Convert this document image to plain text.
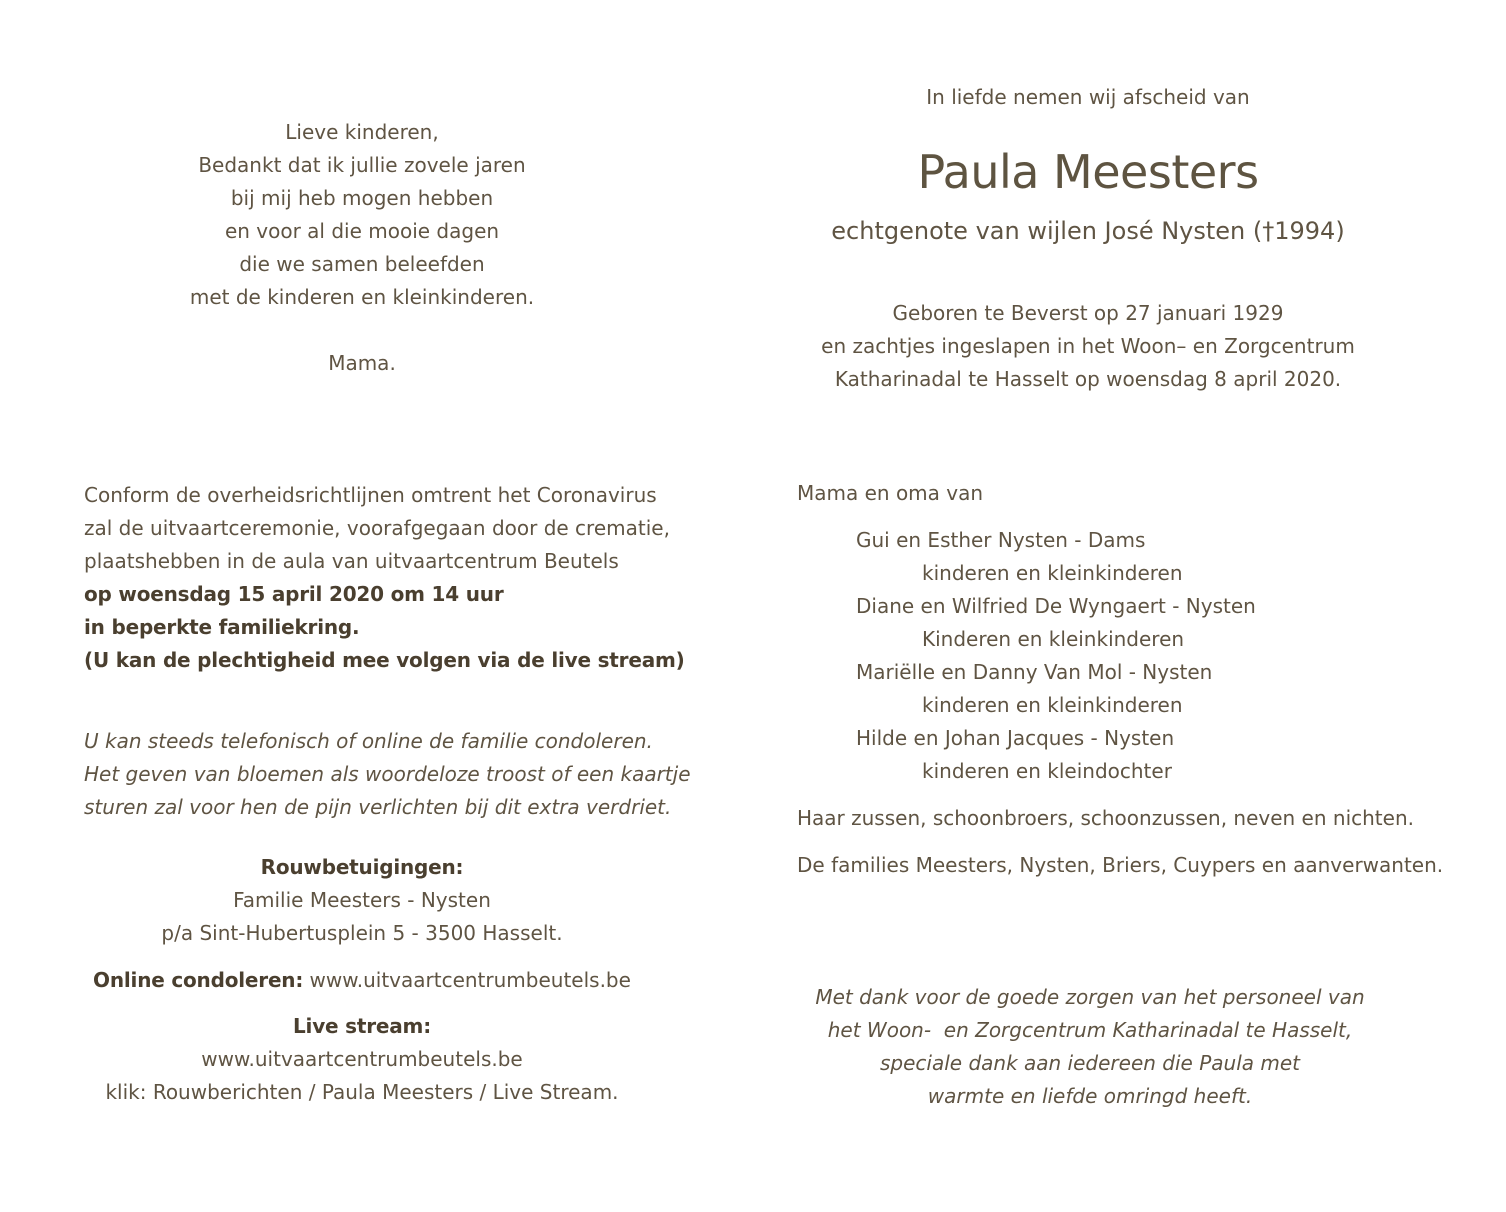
Lieve kinderen,
Bedankt dat ik jullie zovele jaren
bij mij heb mogen hebben
en voor al die mooie dagen
die we samen beleefden
met de kinderen en kleinkinderen.
Mama.
Conform de overheidsrichtlijnen omtrent het Coronavirus
zal de uitvaartceremonie, voorafgegaan door de crematie,
plaatshebben in de aula van uitvaartcentrum Beutels
op woensdag 15 april 2020 om 14 uur
in beperkte familiekring.
(U kan de plechtigheid mee volgen via de live stream)
U kan steeds telefonisch of online de familie condoleren.
Het geven van bloemen als woordeloze troost of een kaartje
sturen zal voor hen de pijn verlichten bij dit extra verdriet.
Rouwbetuigingen:
Familie Meesters - Nysten
p/a Sint-Hubertusplein 5 - 3500 Hasselt.
Online condoleren: www.uitvaartcentrumbeutels.be
Live stream:
www.uitvaartcentrumbeutels.be
klik: Rouwberichten / Paula Meesters / Live Stream.
In liefde nemen wij afscheid van
Paula Meesters
echtgenote van wijlen José Nysten (†1994)
Geboren te Beverst op 27 januari 1929
en zachtjes ingeslapen in het Woon– en Zorgcentrum
Katharinadal te Hasselt op woensdag 8 april 2020.
Mama en oma van
Gui en Esther Nysten - Dams
kinderen en kleinkinderen
Diane en Wilfried De Wyngaert - Nysten
Kinderen en kleinkinderen
Mariëlle en Danny Van Mol - Nysten
kinderen en kleinkinderen
Hilde en Johan Jacques - Nysten
kinderen en kleindochter
Haar zussen, schoonbroers, schoonzussen, neven en nichten.
De families Meesters, Nysten, Briers, Cuypers en aanverwanten.
Met dank voor de goede zorgen van het personeel van
het Woon-  en Zorgcentrum Katharinadal te Hasselt,
speciale dank aan iedereen die Paula met
warmte en liefde omringd heeft.
